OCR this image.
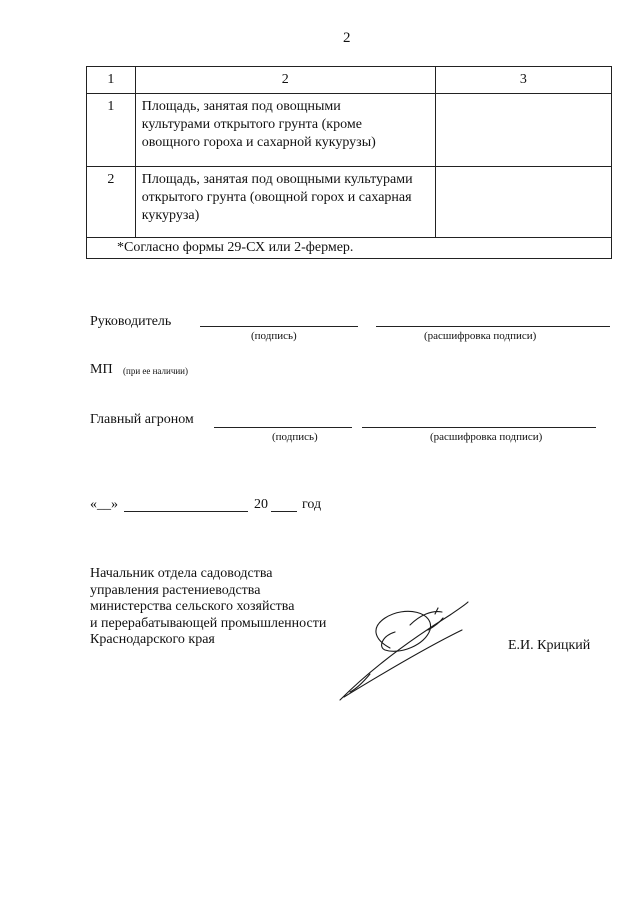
2
1	2	3

1	Площадь, занятая под овощными
культурами открытого грунта (кроме
овощного гороха и сахарной кукурузы)	

2	Площадь, занятая под овощными культурами
открытого грунта (овощной горох и сахарная
кукуруза)	

*Согласно формы 29-СХ или 2-фермер.		
Руководитель
(подпись)	(расшифровка подписи)
МП (при ее наличии)
Главный агроном
(подпись)	(расшифровка подписи)
«__»	20 год
Начальник отдела садоводства
управления растениеводства
министерства сельского хозяйства
и перерабатывающей промышленности
Краснодарского края	Е.И. Крицкий
